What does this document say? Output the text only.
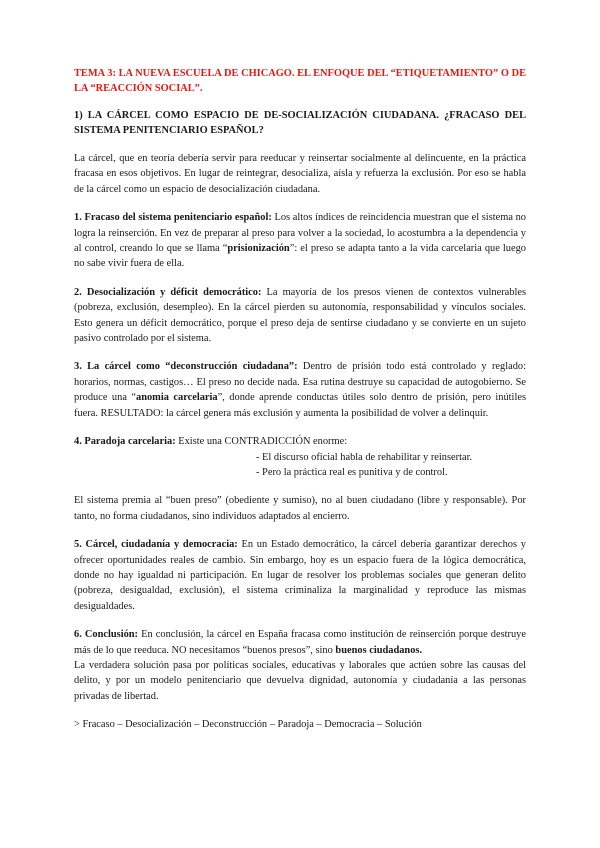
TEMA 3: LA NUEVA ESCUELA DE CHICAGO. EL ENFOQUE DEL “ETIQUETAMIENTO” O DE LA “REACCIÓN SOCIAL”.
1) LA CÁRCEL COMO ESPACIO DE DE-SOCIALIZACIÓN CIUDADANA. ¿FRACASO DEL SISTEMA PENITENCIARIO ESPAÑOL?

La cárcel, que en teoría debería servir para reeducar y reinsertar socialmente al delincuente, en la práctica fracasa en esos objetivos. En lugar de reintegrar, desocializa, aísla y refuerza la exclusión. Por eso se habla de la cárcel como un espacio de desocialización ciudadana.

1. Fracaso del sistema penitenciario español: Los altos índices de reincidencia muestran que el sistema no logra la reinserción. En vez de preparar al preso para volver a la sociedad, lo acostumbra a la dependencia y al control, creando lo que se llama “prisionización”: el preso se adapta tanto a la vida carcelaria que luego no sabe vivir fuera de ella.

2. Desocialización y déficit democrático: La mayoría de los presos vienen de contextos vulnerables (pobreza, exclusión, desempleo). En la cárcel pierden su autonomía, responsabilidad y vínculos sociales. Esto genera un déficit democrático, porque el preso deja de sentirse ciudadano y se convierte en un sujeto pasivo controlado por el sistema.

3. La cárcel como “deconstrucción ciudadana”: Dentro de prisión todo está controlado y reglado: horarios, normas, castigos… El preso no decide nada. Esa rutina destruye su capacidad de autogobierno. Se produce una “anomia carcelaria”, donde aprende conductas útiles solo dentro de prisión, pero inútiles fuera. RESULTADO: la cárcel genera más exclusión y aumenta la posibilidad de volver a delinquir.

4. Paradoja carcelaria: Existe una CONTRADICCIÓN enorme:

- El discurso oficial habla de rehabilitar y reinsertar.

- Pero la práctica real es punitiva y de control.

El sistema premia al “buen preso” (obediente y sumiso), no al buen ciudadano (libre y responsable). Por tanto, no forma ciudadanos, sino individuos adaptados al encierro.

5. Cárcel, ciudadanía y democracia: En un Estado democrático, la cárcel debería garantizar derechos y ofrecer oportunidades reales de cambio. Sin embargo, hoy es un espacio fuera de la lógica democrática, donde no hay igualdad ni participación. En lugar de resolver los problemas sociales que generan delito (pobreza, desigualdad, exclusión), el sistema criminaliza la marginalidad y reproduce las mismas desigualdades.

6. Conclusión: En conclusión, la cárcel en España fracasa como institución de reinserción porque destruye más de lo que reeduca. NO necesitamos “buenos presos”, sino buenos ciudadanos.

La verdadera solución pasa por políticas sociales, educativas y laborales que actúen sobre las causas del delito, y por un modelo penitenciario que devuelva dignidad, autonomía y ciudadanía a las personas privadas de libertad.

> Fracaso – Desocialización – Deconstrucción – Paradoja – Democracia – Solución
